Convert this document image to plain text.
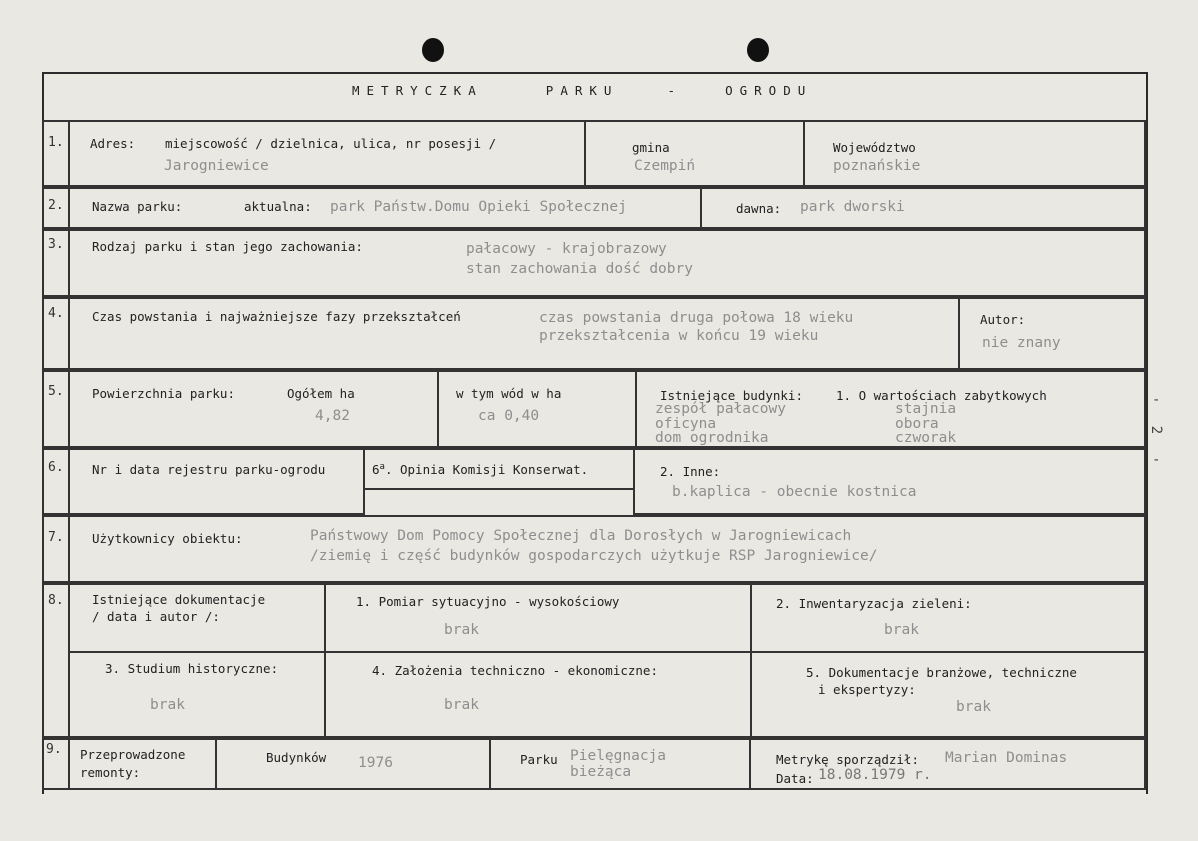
METRYCZKA	PARKU	-	OGRODU
-
2
-
1. Adres: miejscowość / dzielnica, ulica, nr posesji /
Jarogniewice
gmina
Czempiń
Województwo
poznańskie
2. Nazwa parku:	aktualna: park Państw.Domu Opieki Społecznej	dawna: park dworski
3. Rodzaj parku i stan jego zachowania:	pałacowy - krajobrazowy
stan zachowania dość dobry
4. Czas powstania i najważniejsze fazy przekształceń	czas powstania druga połowa 18 wieku
przekształcenia w końcu 19 wieku
Autor:
nie znany
5. Powierzchnia parku:	Ogółem ha
4,82
w tym wód w ha
ca 0,40
Istniejące budynki:	1. O wartościach zabytkowych
zespół pałacowy
oficyna
dom ogrodnika
stajnia
obora
czworak
6. Nr i data rejestru parku-ogrodu	6$^a$. Opinia Komisji Konserwat.	2. Inne:
b.kaplica - obecnie kostnica
7. Użytkownicy obiektu:	Państwowy Dom Pomocy Społecznej dla Dorosłych w Jarogniewicach
/ziemię i część budynków gospodarczych użytkuje RSP Jarogniewice/
8. Istniejące dokumentacje
/ data i autor /:
1. Pomiar sytuacyjno - wysokościowy
brak
2. Inwentaryzacja zieleni:
brak
3. Studium historyczne:
brak
4. Założenia techniczno - ekonomiczne:
brak
5. Dokumentacje branżowe, techniczne
i ekspertyzy:
brak
9. Przeprowadzone
remonty:
Budynków 1976	Parku Pielęgnacja
bieżąca
Metrykę sporządził: Marian Dominas
Data: 18.08.1979 r.
